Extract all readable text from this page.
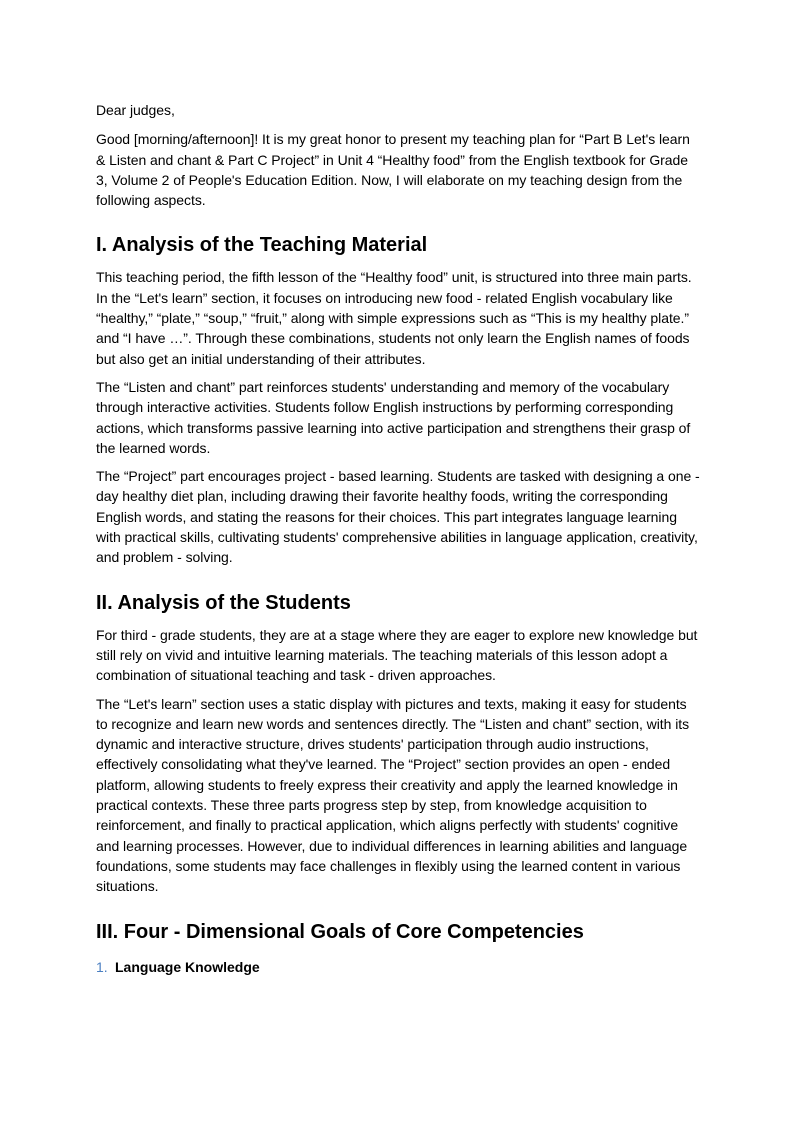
Dear judges,

Good [morning/afternoon]! It is my great honor to present my teaching plan for “Part B Let's learn & Listen and chant & Part C Project” in Unit 4 “Healthy food” from the English textbook for Grade 3, Volume 2 of People's Education Edition. Now, I will elaborate on my teaching design from the following aspects.

I. Analysis of the Teaching Material

This teaching period, the fifth lesson of the “Healthy food” unit, is structured into three main parts. In the “Let's learn” section, it focuses on introducing new food - related English vocabulary like “healthy,” “plate,” “soup,” “fruit,” along with simple expressions such as “This is my healthy plate.” and “I have …”. Through these combinations, students not only learn the English names of foods but also get an initial understanding of their attributes.

The “Listen and chant” part reinforces students' understanding and memory of the vocabulary through interactive activities. Students follow English instructions by performing corresponding actions, which transforms passive learning into active participation and strengthens their grasp of the learned words.

The “Project” part encourages project - based learning. Students are tasked with designing a one - day healthy diet plan, including drawing their favorite healthy foods, writing the corresponding English words, and stating the reasons for their choices. This part integrates language learning with practical skills, cultivating students' comprehensive abilities in language application, creativity, and problem - solving.

II. Analysis of the Students

For third - grade students, they are at a stage where they are eager to explore new knowledge but still rely on vivid and intuitive learning materials. The teaching materials of this lesson adopt a combination of situational teaching and task - driven approaches.

The “Let's learn” section uses a static display with pictures and texts, making it easy for students to recognize and learn new words and sentences directly. The “Listen and chant” section, with its dynamic and interactive structure, drives students' participation through audio instructions, effectively consolidating what they've learned. The “Project” section provides an open - ended platform, allowing students to freely express their creativity and apply the learned knowledge in practical contexts. These three parts progress step by step, from knowledge acquisition to reinforcement, and finally to practical application, which aligns perfectly with students' cognitive and learning processes. However, due to individual differences in learning abilities and language foundations, some students may face challenges in flexibly using the learned content in various situations.

III. Four - Dimensional Goals of Core Competencies
1. Language Knowledge
